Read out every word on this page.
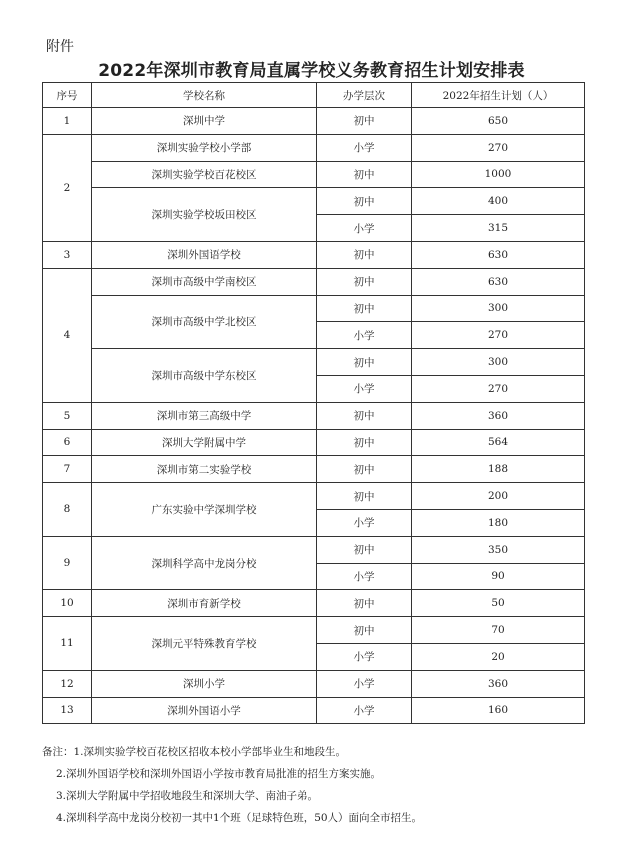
附件
2022年深圳市教育局直属学校义务教育招生计划安排表
序号	学校名称	办学层次	2022年招生计划（人）
1	深圳中学	初中	650
2	深圳实验学校小学部	小学	270
	深圳实验学校百花校区	初中	1000
	深圳实验学校坂田校区	初中	400
		小学	315
3	深圳外国语学校	初中	630
4	深圳市高级中学南校区	初中	630
	深圳市高级中学北校区	初中	300
		小学	270
	深圳市高级中学东校区	初中	300
		小学	270
5	深圳市第三高级中学	初中	360
6	深圳大学附属中学	初中	564
7	深圳市第二实验学校	初中	188
8	广东实验中学深圳学校	初中	200
		小学	180
9	深圳科学高中龙岗分校	初中	350
		小学	90
10	深圳市育新学校	初中	50
11	深圳元平特殊教育学校	初中	70
		小学	20
12	深圳小学	小学	360
13	深圳外国语小学	小学	160
备注：1.深圳实验学校百花校区招收本校小学部毕业生和地段生。
2.深圳外国语学校和深圳外国语小学按市教育局批准的招生方案实施。
3.深圳大学附属中学招收地段生和深圳大学、南油子弟。
4.深圳科学高中龙岗分校初一其中1个班（足球特色班，50人）面向全市招生。
